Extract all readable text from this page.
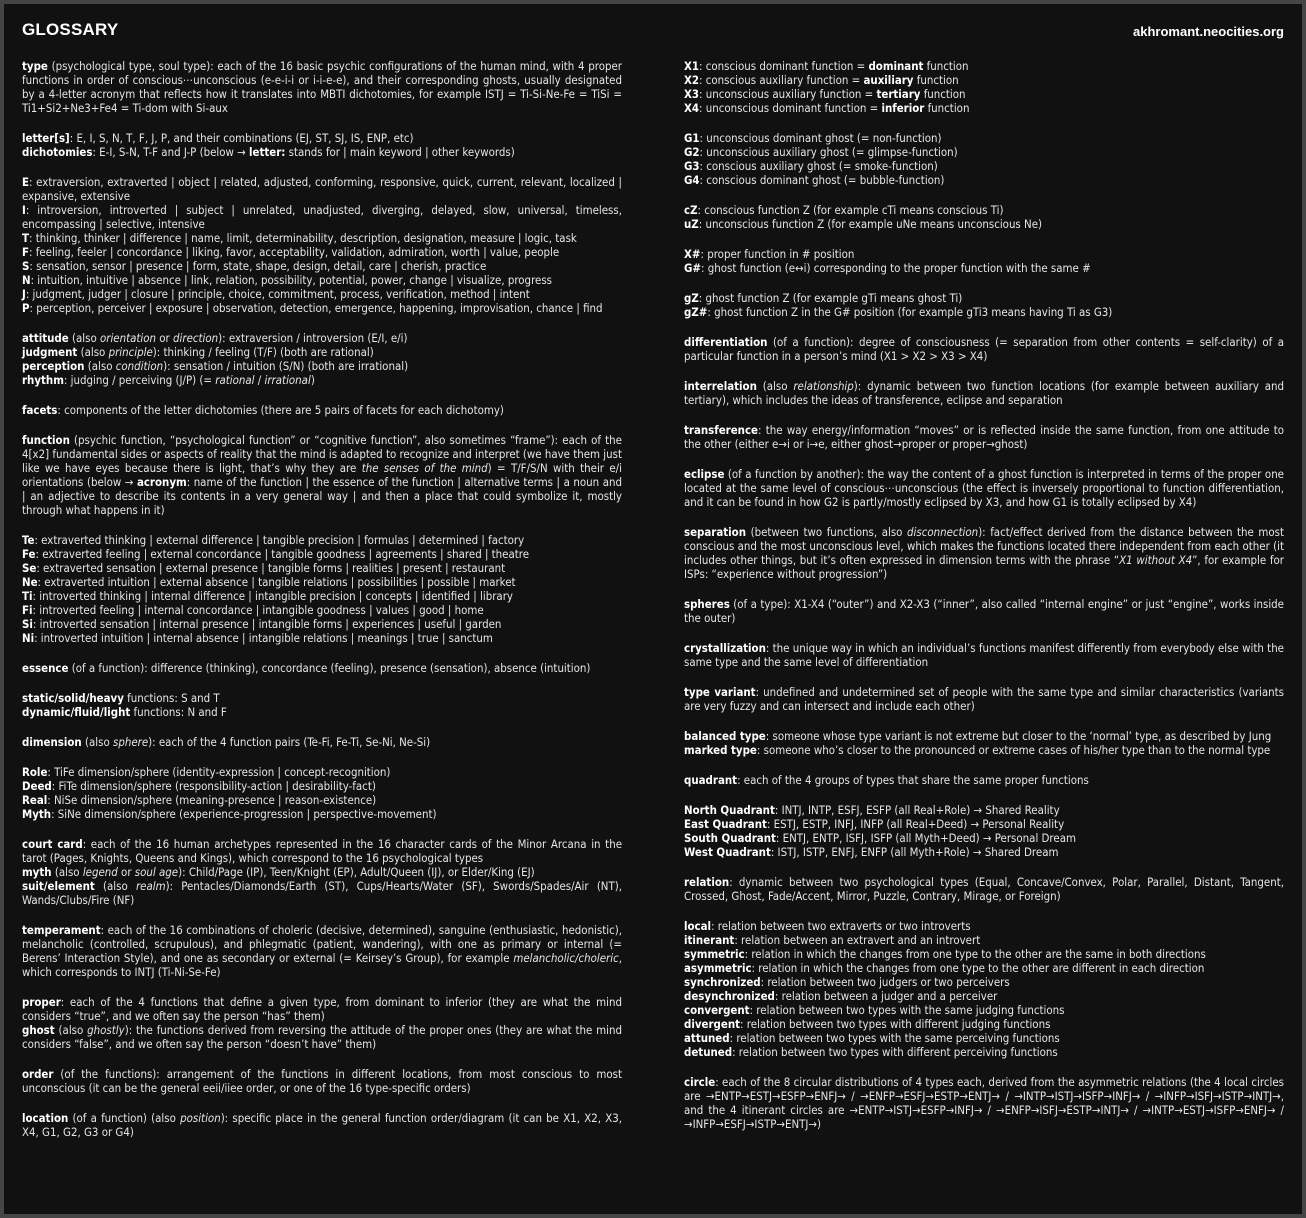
GLOSSARY	akhromant.neocities.org

type (psychological type, soul type): each of the 16 basic psychic configurations of the human mind, with 4 proper functions in order of conscious⋯unconscious (e-e-i-i or i-i-e-e), and their corresponding ghosts, usually designated by a 4-letter acronym that reflects how it translates into MBTI dichotomies, for example ISTJ = Ti-Si-Ne-Fe = TiSi = Ti1+Si2+Ne3+Fe4 = Ti-dom with Si-aux

letter[s]: E, I, S, N, T, F, J, P, and their combinations (EJ, ST, SJ, IS, ENP, etc)

dichotomies: E-I, S-N, T-F and J-P (below → letter: stands for | main keyword | other keywords)

E: extraversion, extraverted | object | related, adjusted, conforming, responsive, quick, current, relevant, localized | expansive, extensive

I: introversion, introverted | subject | unrelated, unadjusted, diverging, delayed, slow, universal, timeless, encompassing | selective, intensive

T: thinking, thinker | difference | name, limit, determinability, description, designation, measure | logic, task

F: feeling, feeler | concordance | liking, favor, acceptability, validation, admiration, worth | value, people

S: sensation, sensor | presence | form, state, shape, design, detail, care | cherish, practice

N: intuition, intuitive | absence | link, relation, possibility, potential, power, change | visualize, progress

J: judgment, judger | closure | principle, choice, commitment, process, verification, method | intent

P: perception, perceiver | exposure | observation, detection, emergence, happening, improvisation, chance | find

attitude (also orientation or direction): extraversion / introversion (E/I, e/i)

judgment (also principle): thinking / feeling (T/F) (both are rational)

perception (also condition): sensation / intuition (S/N) (both are irrational)

rhythm: judging / perceiving (J/P) (= rational / irrational)

facets: components of the letter dichotomies (there are 5 pairs of facets for each dichotomy)

function (psychic function, “psychological function” or “cognitive function”, also sometimes “frame”): each of the 4[x2] fundamental sides or aspects of reality that the mind is adapted to recognize and interpret (we have them just like we have eyes because there is light, that’s why they are the senses of the mind) = T/F/S/N with their e/i orientations (below → acronym: name of the function | the essence of the function | alternative terms | a noun and | an adjective to describe its contents in a very general way | and then a place that could symbolize it, mostly through what happens in it)

Te: extraverted thinking | external difference | tangible precision | formulas | determined | factory

Fe: extraverted feeling | external concordance | tangible goodness | agreements | shared | theatre

Se: extraverted sensation | external presence | tangible forms | realities | present | restaurant

Ne: extraverted intuition | external absence | tangible relations | possibilities | possible | market

Ti: introverted thinking | internal difference | intangible precision | concepts | identified | library

Fi: introverted feeling | internal concordance | intangible goodness | values | good | home

Si: introverted sensation | internal presence | intangible forms | experiences | useful | garden

Ni: introverted intuition | internal absence | intangible relations | meanings | true | sanctum

essence (of a function): difference (thinking), concordance (feeling), presence (sensation), absence (intuition)

static/solid/heavy functions: S and T

dynamic/fluid/light functions: N and F

dimension (also sphere): each of the 4 function pairs (Te-Fi, Fe-Ti, Se-Ni, Ne-Si)

Role: TiFe dimension/sphere (identity-expression | concept-recognition)

Deed: FiTe dimension/sphere (responsibility-action | desirability-fact)

Real: NiSe dimension/sphere (meaning-presence | reason-existence)

Myth: SiNe dimension/sphere (experience-progression | perspective-movement)

court card: each of the 16 human archetypes represented in the 16 character cards of the Minor Arcana in the tarot (Pages, Knights, Queens and Kings), which correspond to the 16 psychological types

myth (also legend or soul age): Child/Page (IP), Teen/Knight (EP), Adult/Queen (IJ), or Elder/King (EJ)

suit/element (also realm): Pentacles/Diamonds/Earth (ST), Cups/Hearts/Water (SF), Swords/Spades/Air (NT), Wands/Clubs/Fire (NF)

temperament: each of the 16 combinations of choleric (decisive, determined), sanguine (enthusiastic, hedonistic), melancholic (controlled, scrupulous), and phlegmatic (patient, wandering), with one as primary or internal (= Berens’ Interaction Style), and one as secondary or external (= Keirsey’s Group), for example melancholic/choleric, which corresponds to INTJ (Ti-Ni-Se-Fe)

proper: each of the 4 functions that define a given type, from dominant to inferior (they are what the mind considers “true”, and we often say the person “has” them)

ghost (also ghostly): the functions derived from reversing the attitude of the proper ones (they are what the mind considers “false”, and we often say the person “doesn’t have” them)

order (of the functions): arrangement of the functions in different locations, from most conscious to most unconscious (it can be the general eeii/iiee order, or one of the 16 type-specific orders)

location (of a function) (also position): specific place in the general function order/diagram (it can be X1, X2, X3, X4, G1, G2, G3 or G4)

X1: conscious dominant function = dominant function

X2: conscious auxiliary function = auxiliary function

X3: unconscious auxiliary function = tertiary function

X4: unconscious dominant function = inferior function

G1: unconscious dominant ghost (= non-function)

G2: unconscious auxiliary ghost (= glimpse-function)

G3: conscious auxiliary ghost (= smoke-function)

G4: conscious dominant ghost (= bubble-function)

cZ: conscious function Z (for example cTi means conscious Ti)

uZ: unconscious function Z (for example uNe means unconscious Ne)

X#: proper function in # position

G#: ghost function (e↔i) corresponding to the proper function with the same #

gZ: ghost function Z (for example gTi means ghost Ti)

gZ#: ghost function Z in the G# position (for example gTi3 means having Ti as G3)

differentiation (of a function): degree of consciousness (= separation from other contents = self-clarity) of a particular function in a person’s mind (X1 > X2 > X3 > X4)

interrelation (also relationship): dynamic between two function locations (for example between auxiliary and tertiary), which includes the ideas of transference, eclipse and separation

transference: the way energy/information “moves” or is reflected inside the same function, from one attitude to the other (either e→i or i→e, either ghost→proper or proper→ghost)

eclipse (of a function by another): the way the content of a ghost function is interpreted in terms of the proper one located at the same level of conscious⋯unconscious (the effect is inversely proportional to function differentiation, and it can be found in how G2 is partly/mostly eclipsed by X3, and how G1 is totally eclipsed by X4)

separation (between two functions, also disconnection): fact/effect derived from the distance between the most conscious and the most unconscious level, which makes the functions located there independent from each other (it includes other things, but it’s often expressed in dimension terms with the phrase “X1 without X4”, for example for ISPs: “experience without progression”)

spheres (of a type): X1-X4 (“outer”) and X2-X3 (“inner”, also called “internal engine” or just “engine”, works inside the outer)

crystallization: the unique way in which an individual’s functions manifest differently from everybody else with the same type and the same level of differentiation

type variant: undefined and undetermined set of people with the same type and similar characteristics (variants are very fuzzy and can intersect and include each other)

balanced type: someone whose type variant is not extreme but closer to the ‘normal’ type, as described by Jung

marked type: someone who’s closer to the pronounced or extreme cases of his/her type than to the normal type

quadrant: each of the 4 groups of types that share the same proper functions

North Quadrant: INTJ, INTP, ESFJ, ESFP (all Real+Role) → Shared Reality

East Quadrant: ESTJ, ESTP, INFJ, INFP (all Real+Deed) → Personal Reality

South Quadrant: ENTJ, ENTP, ISFJ, ISFP (all Myth+Deed) → Personal Dream

West Quadrant: ISTJ, ISTP, ENFJ, ENFP (all Myth+Role) → Shared Dream

relation: dynamic between two psychological types (Equal, Concave/Convex, Polar, Parallel, Distant, Tangent, Crossed, Ghost, Fade/Accent, Mirror, Puzzle, Contrary, Mirage, or Foreign)

local: relation between two extraverts or two introverts

itinerant: relation between an extravert and an introvert

symmetric: relation in which the changes from one type to the other are the same in both directions

asymmetric: relation in which the changes from one type to the other are different in each direction

synchronized: relation between two judgers or two perceivers

desynchronized: relation between a judger and a perceiver

convergent: relation between two types with the same judging functions

divergent: relation between two types with different judging functions

attuned: relation between two types with the same perceiving functions

detuned: relation between two types with different perceiving functions

circle: each of the 8 circular distributions of 4 types each, derived from the asymmetric relations (the 4 local circles are →ENTP→ESTJ→ESFP→ENFJ→ / →ENFP→ESFJ→ESTP→ENTJ→ / →INTP→ISTJ→ISFP→INFJ→ / →INFP→ISFJ→ISTP→INTJ→, and the 4 itinerant circles are →ENTP→ISTJ→ESFP→INFJ→ / →ENFP→ISFJ→ESTP→INTJ→ / →INTP→ESTJ→ISFP→ENFJ→ / →INFP→ESFJ→ISTP→ENTJ→)
